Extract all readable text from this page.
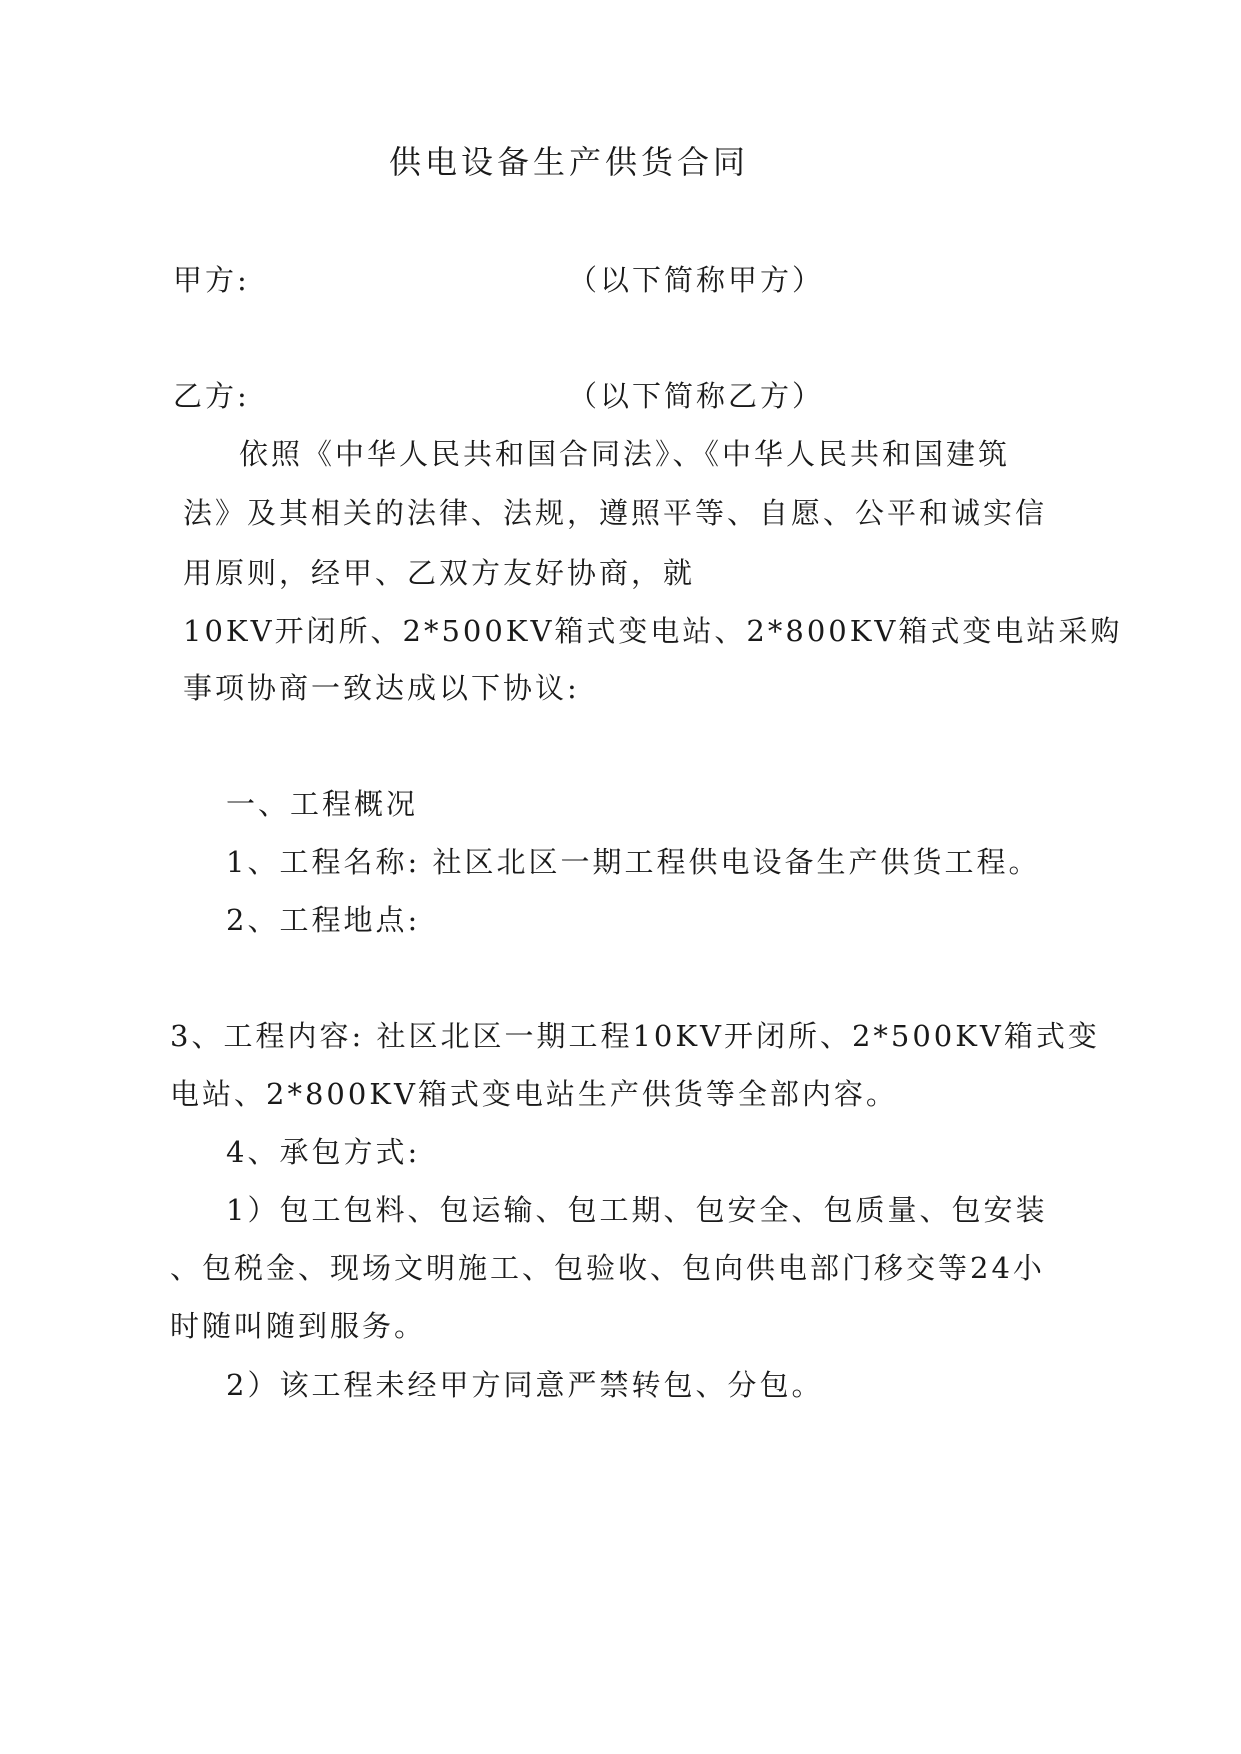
供电设备生产供货合同
甲方:	（以下简称甲方）
乙方:	（以下简称乙方）
依照《中华人民共和国合同法》、《中华人民共和国建筑
法》及其相关的法律、法规，遵照平等、自愿、公平和诚实信
用原则，经甲、乙双方友好协商，就
10KV开闭所、2*500KV箱式变电站、2*800KV箱式变电站采购
事项协商一致达成以下协议:
一、工程概况
1、工程名称: 社区北区一期工程供电设备生产供货工程。
2、工程地点:
3、工程内容: 社区北区一期工程10KV开闭所、2*500KV箱式变
电站、2*800KV箱式变电站生产供货等全部内容。
4、承包方式:
1）包工包料、包运输、包工期、包安全、包质量、包安装
、包税金、现场文明施工、包验收、包向供电部门移交等24小
时随叫随到服务。
2）该工程未经甲方同意严禁转包、分包。
